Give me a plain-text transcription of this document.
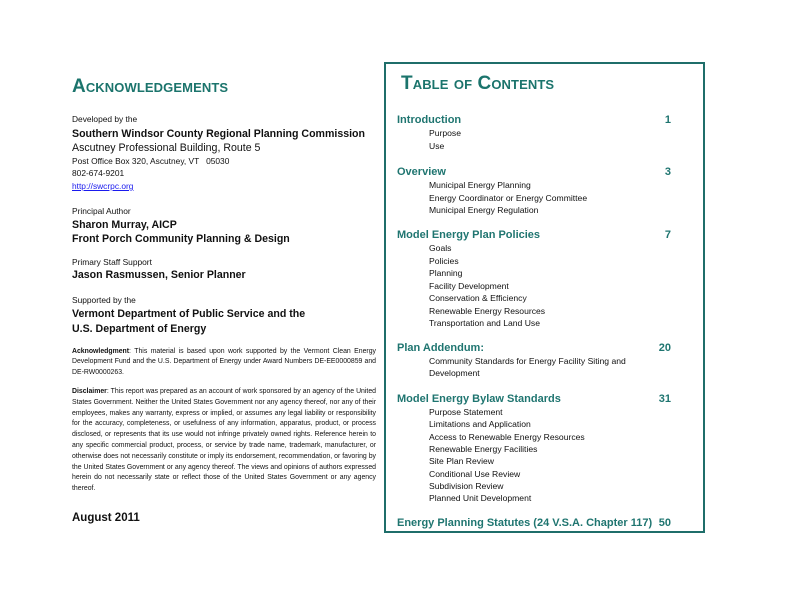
Acknowledgements
Developed by the
Southern Windsor County Regional Planning Commission
Ascutney Professional Building, Route 5
Post Office Box 320, Ascutney, VT   05030
802-674-9201
http://swcrpc.org
Principal Author
Sharon Murray, AICP
Front Porch Community Planning & Design
Primary Staff Support
Jason Rasmussen, Senior Planner
Supported by the
Vermont Department of Public Service and the
U.S. Department of Energy
Acknowledgment: This material is based upon work supported by the Vermont Clean Energy Development Fund and the U.S. Department of Energy under Award Numbers DE-EE0000859 and DE-RW0000263.
Disclaimer: This report was prepared as an account of work sponsored by an agency of the United States Government. Neither the United States Government nor any agency thereof, nor any of their employees, makes any warranty, express or implied, or assumes any legal liability or responsibility for the accuracy, completeness, or usefulness of any information, apparatus, product, or process disclosed, or represents that its use would not infringe privately owned rights. Reference herein to any specific commercial product, process, or service by trade name, trademark, manufacturer, or otherwise does not necessarily constitute or imply its endorsement, recommendation, or favoring by the United States Government or any agency thereof. The views and opinions of authors expressed herein do not necessarily state or reflect those of the United States Government or any agency thereof.
August 2011
Table of Contents
Introduction	1
Purpose
Use
Overview	3
Municipal Energy Planning
Energy Coordinator or Energy Committee
Municipal Energy Regulation
Model Energy Plan Policies	7
Goals
Policies
Planning
Facility Development
Conservation & Efficiency
Renewable Energy Resources
Transportation and Land Use
Plan Addendum:	20
Community Standards for Energy Facility Siting and
Development
Model Energy Bylaw Standards	31
Purpose Statement
Limitations and Application
Access to Renewable Energy Resources
Renewable Energy Facilities
Site Plan Review
Conditional Use Review
Subdivision Review
Planned Unit Development
Energy Planning Statutes (24 V.S.A. Chapter 117) 50
